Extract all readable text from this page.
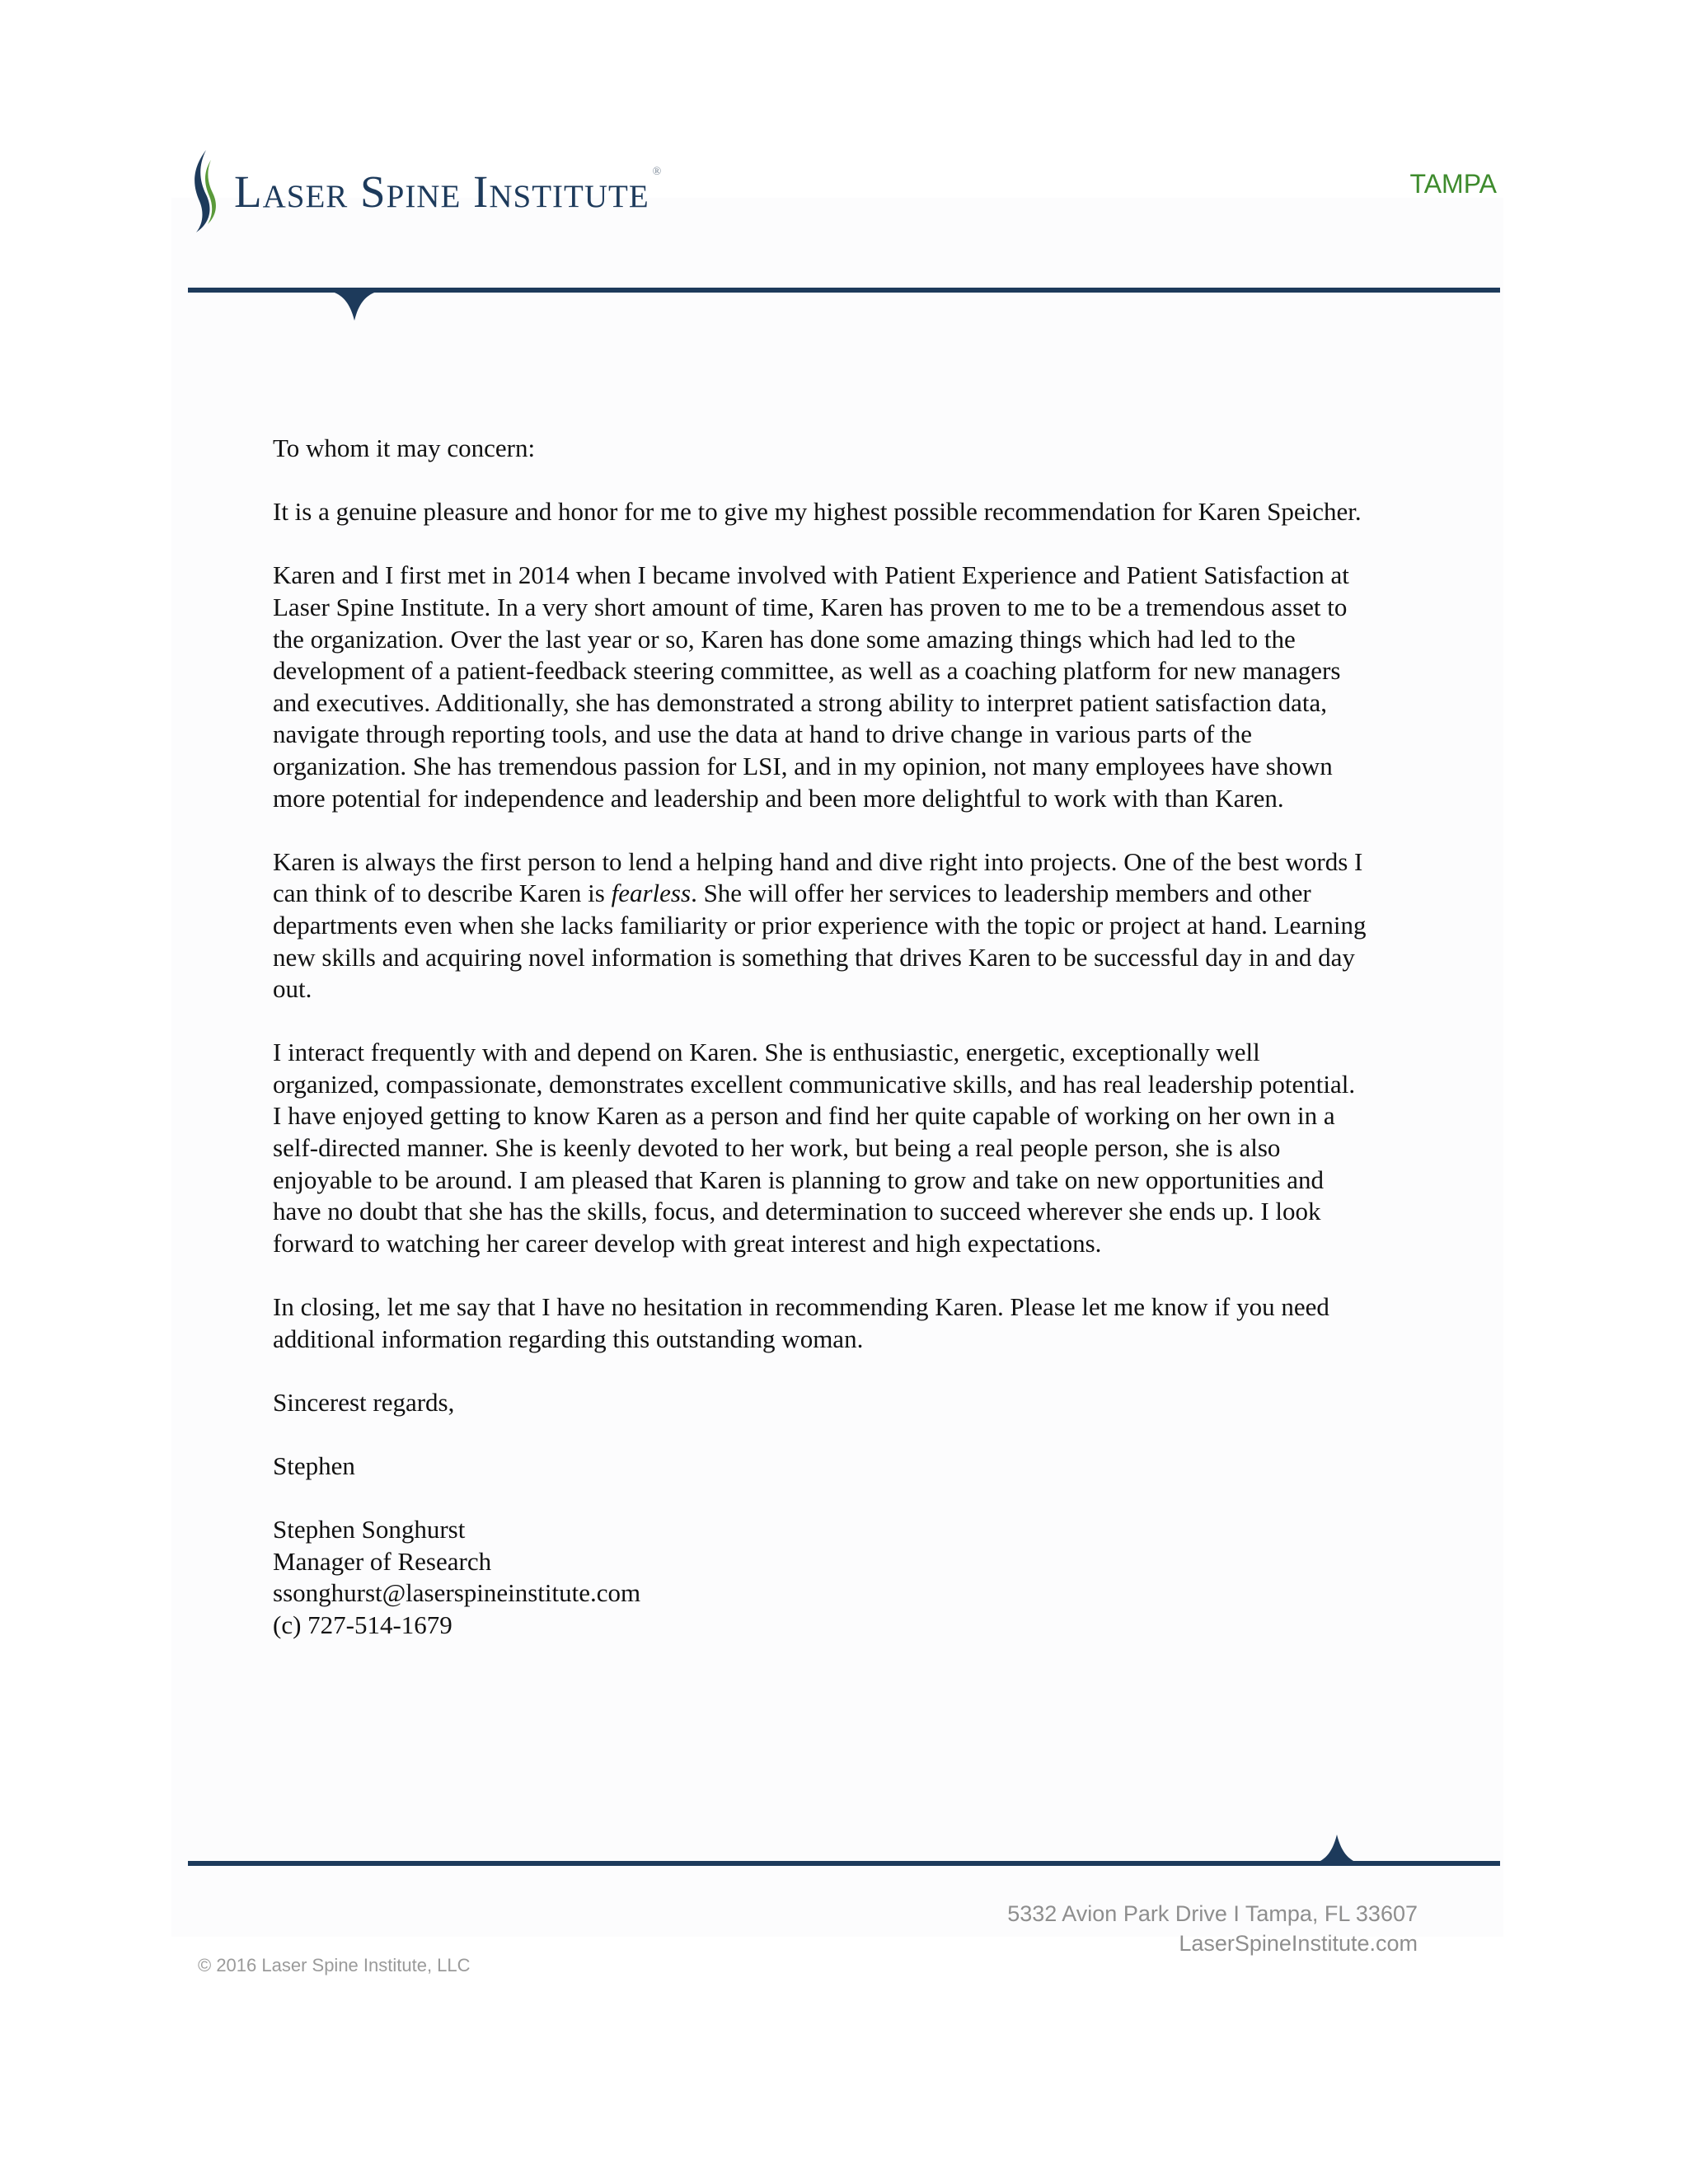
Laser Spine Institute ®	TAMPA

To whom it may concern:

It is a genuine pleasure and honor for me to give my highest possible recommendation for Karen Speicher.

Karen and I first met in 2014 when I became involved with Patient Experience and Patient Satisfaction at Laser Spine Institute. In a very short amount of time, Karen has proven to me to be a tremendous asset to the organization. Over the last year or so, Karen has done some amazing things which had led to the development of a patient-feedback steering committee, as well as a coaching platform for new managers and executives. Additionally, she has demonstrated a strong ability to interpret patient satisfaction data, navigate through reporting tools, and use the data at hand to drive change in various parts of the organization. She has tremendous passion for LSI, and in my opinion, not many employees have shown more potential for independence and leadership and been more delightful to work with than Karen.

Karen is always the first person to lend a helping hand and dive right into projects. One of the best words I can think of to describe Karen is fearless. She will offer her services to leadership members and other departments even when she lacks familiarity or prior experience with the topic or project at hand. Learning new skills and acquiring novel information is something that drives Karen to be successful day in and day out.

I interact frequently with and depend on Karen. She is enthusiastic, energetic, exceptionally well organized, compassionate, demonstrates excellent communicative skills, and has real leadership potential. I have enjoyed getting to know Karen as a person and find her quite capable of working on her own in a self-directed manner. She is keenly devoted to her work, but being a real people person, she is also enjoyable to be around. I am pleased that Karen is planning to grow and take on new opportunities and have no doubt that she has the skills, focus, and determination to succeed wherever she ends up. I look forward to watching her career develop with great interest and high expectations.

In closing, let me say that I have no hesitation in recommending Karen. Please let me know if you need additional information regarding this outstanding woman.

Sincerest regards,

Stephen

Stephen Songhurst

Manager of Research

ssonghurst@laserspineinstitute.com

(c) 727-514-1679

5332 Avion Park Drive I Tampa, FL 33607
LaserSpineInstitute.com
© 2016 Laser Spine Institute, LLC
